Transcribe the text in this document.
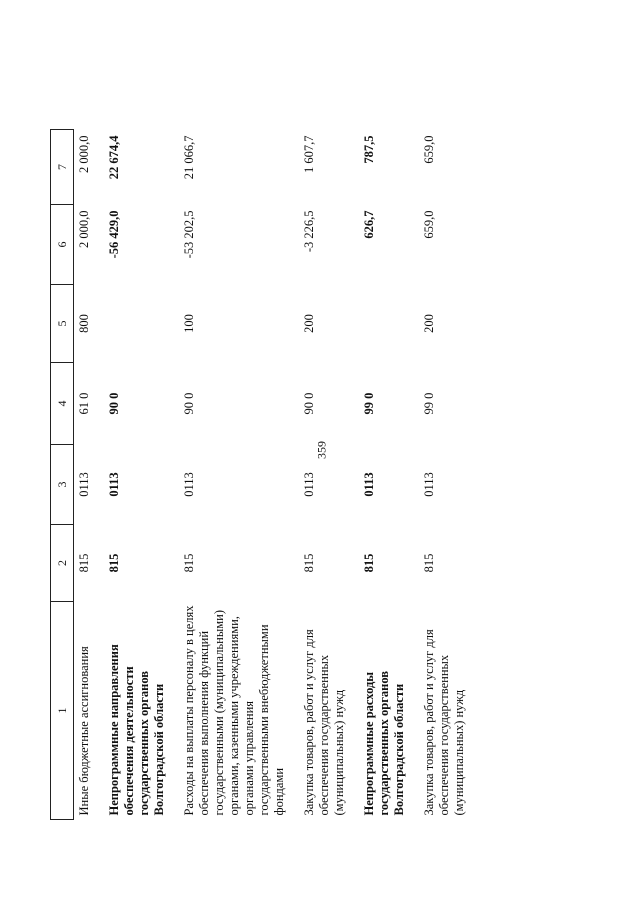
359
1	2	3	4	5	6	7
Иные бюджетные ассигнования	815	0113	61 0	800	2 000,0	2 000,0
Непрограммные направления обеспечения деятельности государственных органов Волгоградской области	815	0113	90 0		-56 429,0	22 674,4
Расходы на выплаты персоналу в целях обеспечения выполнения функций государственными (муниципальными) органами, казенными учреждениями, органами управления государственными внебюджетными фондами	815	0113	90 0	100	-53 202,5	21 066,7
Закупка товаров, работ и услуг для обеспечения государственных (муниципальных) нужд	815	0113	90 0	200	-3 226,5	1 607,7
Непрограммные расходы государственных органов Волгоградской области	815	0113	99 0		626,7	787,5
Закупка товаров, работ и услуг для обеспечения государственных (муниципальных) нужд	815	0113	99 0	200	659,0	659,0
